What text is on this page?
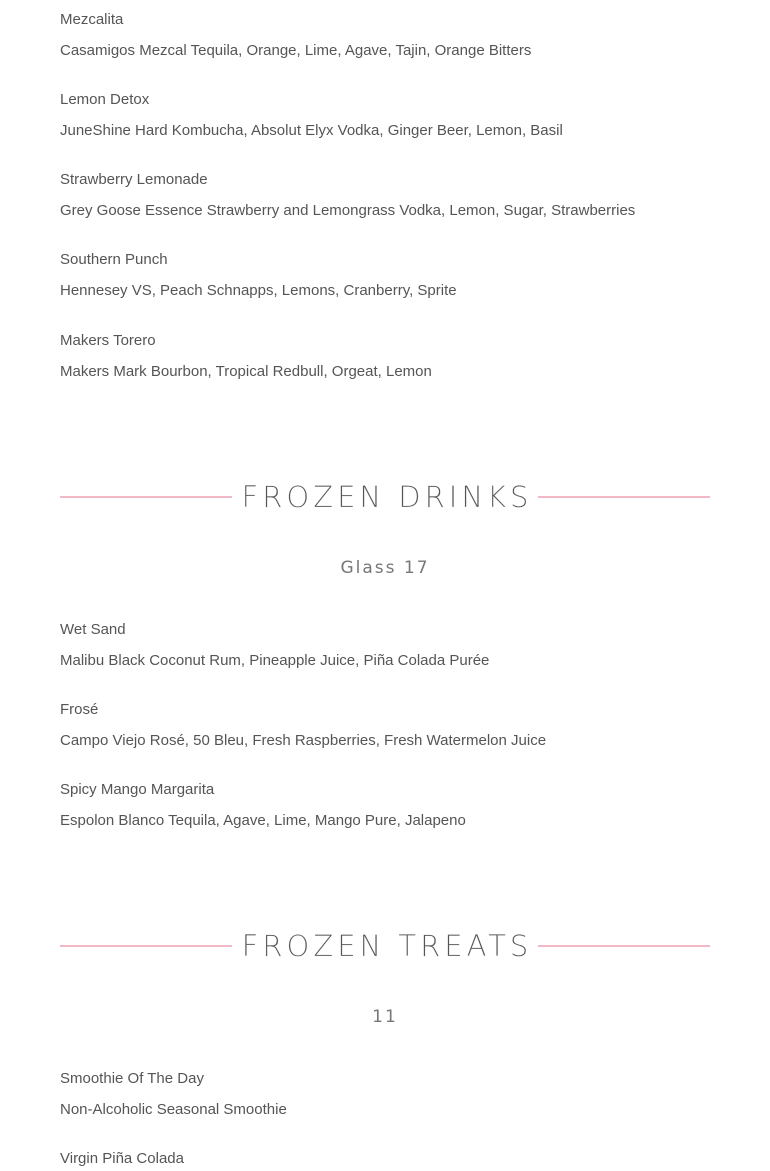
Mezcalita
Casamigos Mezcal Tequila, Orange, Lime, Agave, Tajin, Orange Bitters
Lemon Detox
JuneShine Hard Kombucha, Absolut Elyx Vodka, Ginger Beer, Lemon, Basil
Strawberry Lemonade
Grey Goose Essence Strawberry and Lemongrass Vodka, Lemon, Sugar, Strawberries
Southern Punch
Hennesey VS, Peach Schnapps, Lemons, Cranberry, Sprite
Makers Torero
Makers Mark Bourbon, Tropical Redbull, Orgeat, Lemon
FROZEN DRINKS
Glass 17
Wet Sand
Malibu Black Coconut Rum, Pineapple Juice, Piña Colada Purée
Frosé
Campo Viejo Rosé, 50 Bleu, Fresh Raspberries, Fresh Watermelon Juice
Spicy Mango Margarita
Espolon Blanco Tequila, Agave, Lime, Mango Pure, Jalapeno
FROZEN TREATS
11
Smoothie Of The Day
Non-Alcoholic Seasonal Smoothie
Virgin Piña Colada
